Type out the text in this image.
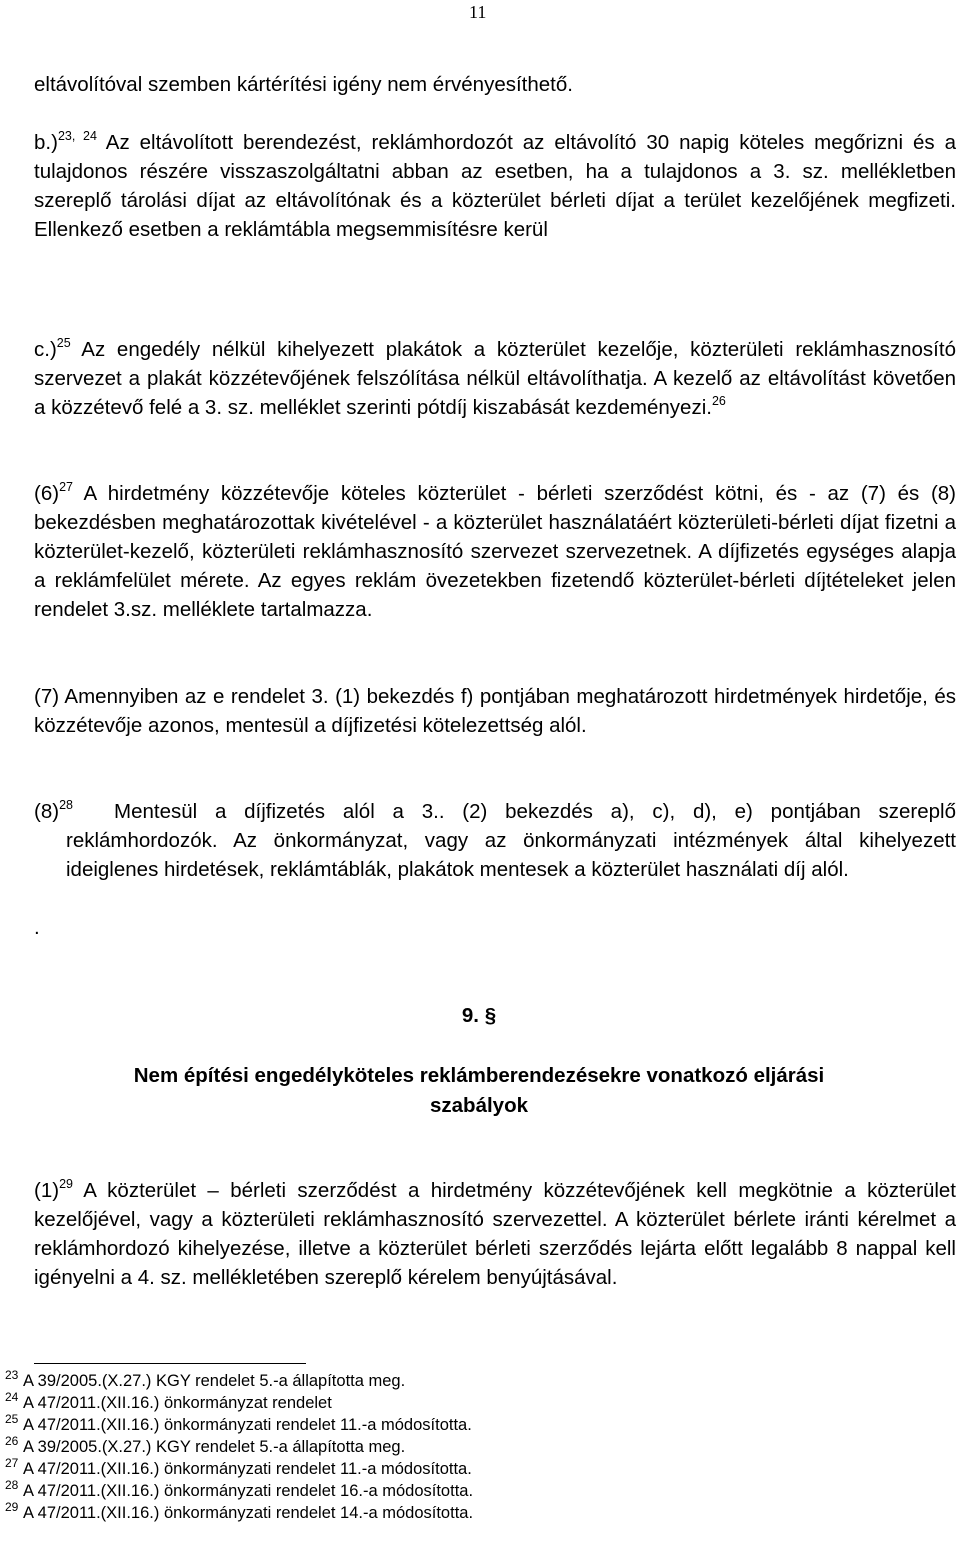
11

eltávolítóval szemben kártérítési igény nem érvényesíthető.

b.)$^{23, 24}$ Az eltávolított berendezést, reklámhordozót az eltávolító 30 napig köteles megőrizni és a tulajdonos részére visszaszolgáltatni abban az esetben, ha a tulajdonos a 3. sz. mellékletben szereplő tárolási díjat az eltávolítónak és a közterület bérleti díjat a terület kezelőjének megfizeti. Ellenkező esetben a reklámtábla megsemmisítésre kerül

c.)$^{25}$ Az engedély nélkül kihelyezett plakátok a közterület kezelője, közterületi reklámhasznosító szervezet a plakát közzétevőjének felszólítása nélkül eltávolíthatja. A kezelő az eltávolítást követően a közzétevő felé a 3. sz. melléklet szerinti pótdíj kiszabását kezdeményezi.$^{26}$

$(6)^{27}$ A hirdetmény közzétevője köteles közterület - bérleti szerződést kötni, és - az (7) és (8) bekezdésben meghatározottak kivételével - a közterület használatáért közterületi-bérleti díjat fizetni a közterület-kezelő, közterületi reklámhasznosító szervezet szervezetnek. A díjfizetés egységes alapja a reklámfelület mérete. Az egyes reklám övezetekben fizetendő közterület-bérleti díjtételeket jelen rendelet 3.sz. melléklete tartalmazza.

(7) Amennyiben az e rendelet 3. (1) bekezdés f) pontjában meghatározott hirdetmények hirdetője, és közzétevője azonos, mentesül a díjfizetési kötelezettség alól.

$(8)^{28}$	Mentesül a díjfizetés alól a 3.. (2) bekezdés a), c), d), e) pontjában szereplő reklámhordozók. Az önkormányzat, vagy az önkormányzati intézmények által kihelyezett ideiglenes hirdetések, reklámtáblák, plakátok mentesek a közterület használati díj alól.

.
9. §
Nem építési engedélyköteles reklámberendezésekre vonatkozó eljárási
szabályok

$(1)^{29}$ A közterület – bérleti szerződést a hirdetmény közzétevőjének kell megkötnie a közterület kezelőjével, vagy a közterületi reklámhasznosító szervezettel. A közterület bérlete iránti kérelmet a reklámhordozó kihelyezése, illetve a közterület bérleti szerződés lejárta előtt legalább 8 nappal kell igényelni a 4. sz. mellékletében szereplő kérelem benyújtásával.

$^{23}$ A 39/2005.(X.27.) KGY rendelet 5.-a állapította meg.
$^{24}$ A 47/2011.(XII.16.) önkormányzat rendelet
$^{25}$ A 47/2011.(XII.16.) önkormányzati rendelet 11.-a módosította.
$^{26}$ A 39/2005.(X.27.) KGY rendelet 5.-a állapította meg.
$^{27}$ A 47/2011.(XII.16.) önkormányzati rendelet 11.-a módosította.
$^{28}$ A 47/2011.(XII.16.) önkormányzati rendelet 16.-a módosította.
$^{29}$ A 47/2011.(XII.16.) önkormányzati rendelet 14.-a módosította.
